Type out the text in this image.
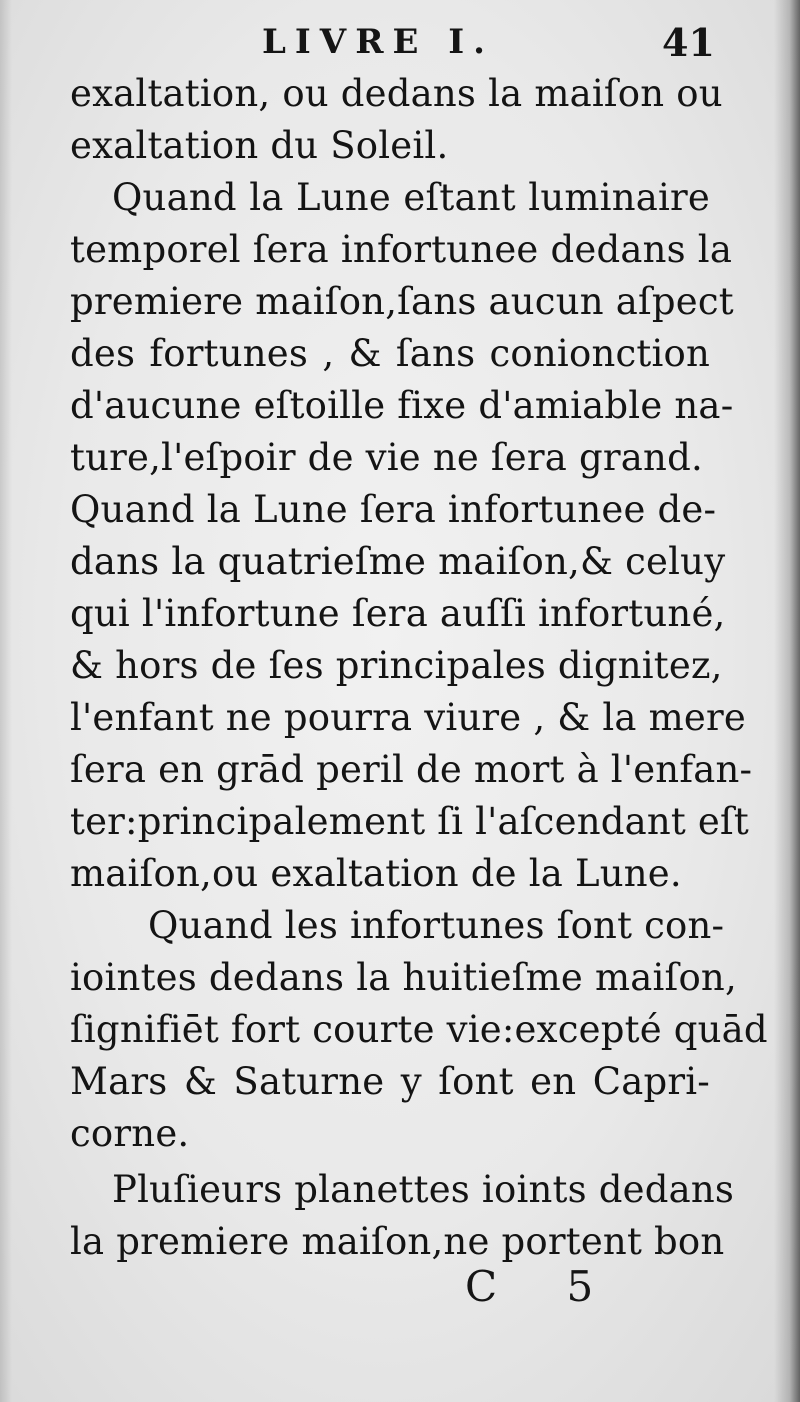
LIVRE I.	41
exaltation, ou dedans la maiſon ou
exaltation du Soleil.
Quand la Lune eſtant luminaire
temporel ſera infortunee dedans la
premiere maiſon,ſans aucun aſpect
des fortunes , & ſans conionction
d'aucune eſtoille fixe d'amiable na-
ture,l'eſpoir de vie ne ſera grand.
Quand la Lune ſera infortunee de-
dans la quatrieſme maiſon,& celuy
qui l'infortune ſera auſſi infortuné,
& hors de ſes principales dignitez,
l'enfant ne pourra viure , & la mere
ſera en grād peril de mort à l'enfan-
ter:principalement ſi l'aſcendant eſt
maiſon,ou exaltation de la Lune.
Quand les infortunes ſont con-
iointes dedans la huitieſme maiſon,
ſignifiēt fort courte vie:excepté quād
Mars & Saturne y ſont en Capri-
corne.
Pluſieurs planettes ioints dedans
la premiere maiſon,ne portent bon
C 5
